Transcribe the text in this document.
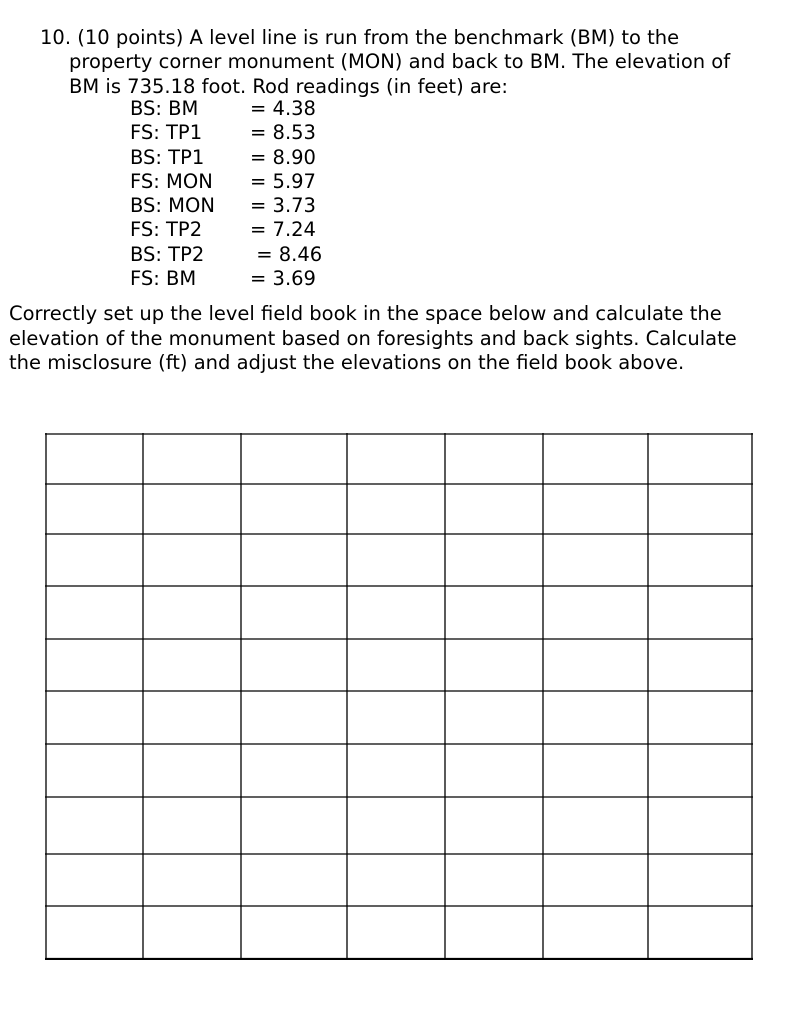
10. (10 points) A level line is run from the benchmark (BM) to the
property corner monument (MON) and back to BM. The elevation of
BM is 735.18 foot. Rod readings (in feet) are:
BS: BM	= 4.38
FS: TP1	= 8.53
BS: TP1	= 8.90
FS: MON	= 5.97
BS: MON	= 3.73
FS: TP2	= 7.24
BS: TP2	= 8.46
FS: BM	= 3.69
Correctly set up the level field book in the space below and calculate the
elevation of the monument based on foresights and back sights. Calculate
the misclosure (ft) and adjust the elevations on the field book above.
